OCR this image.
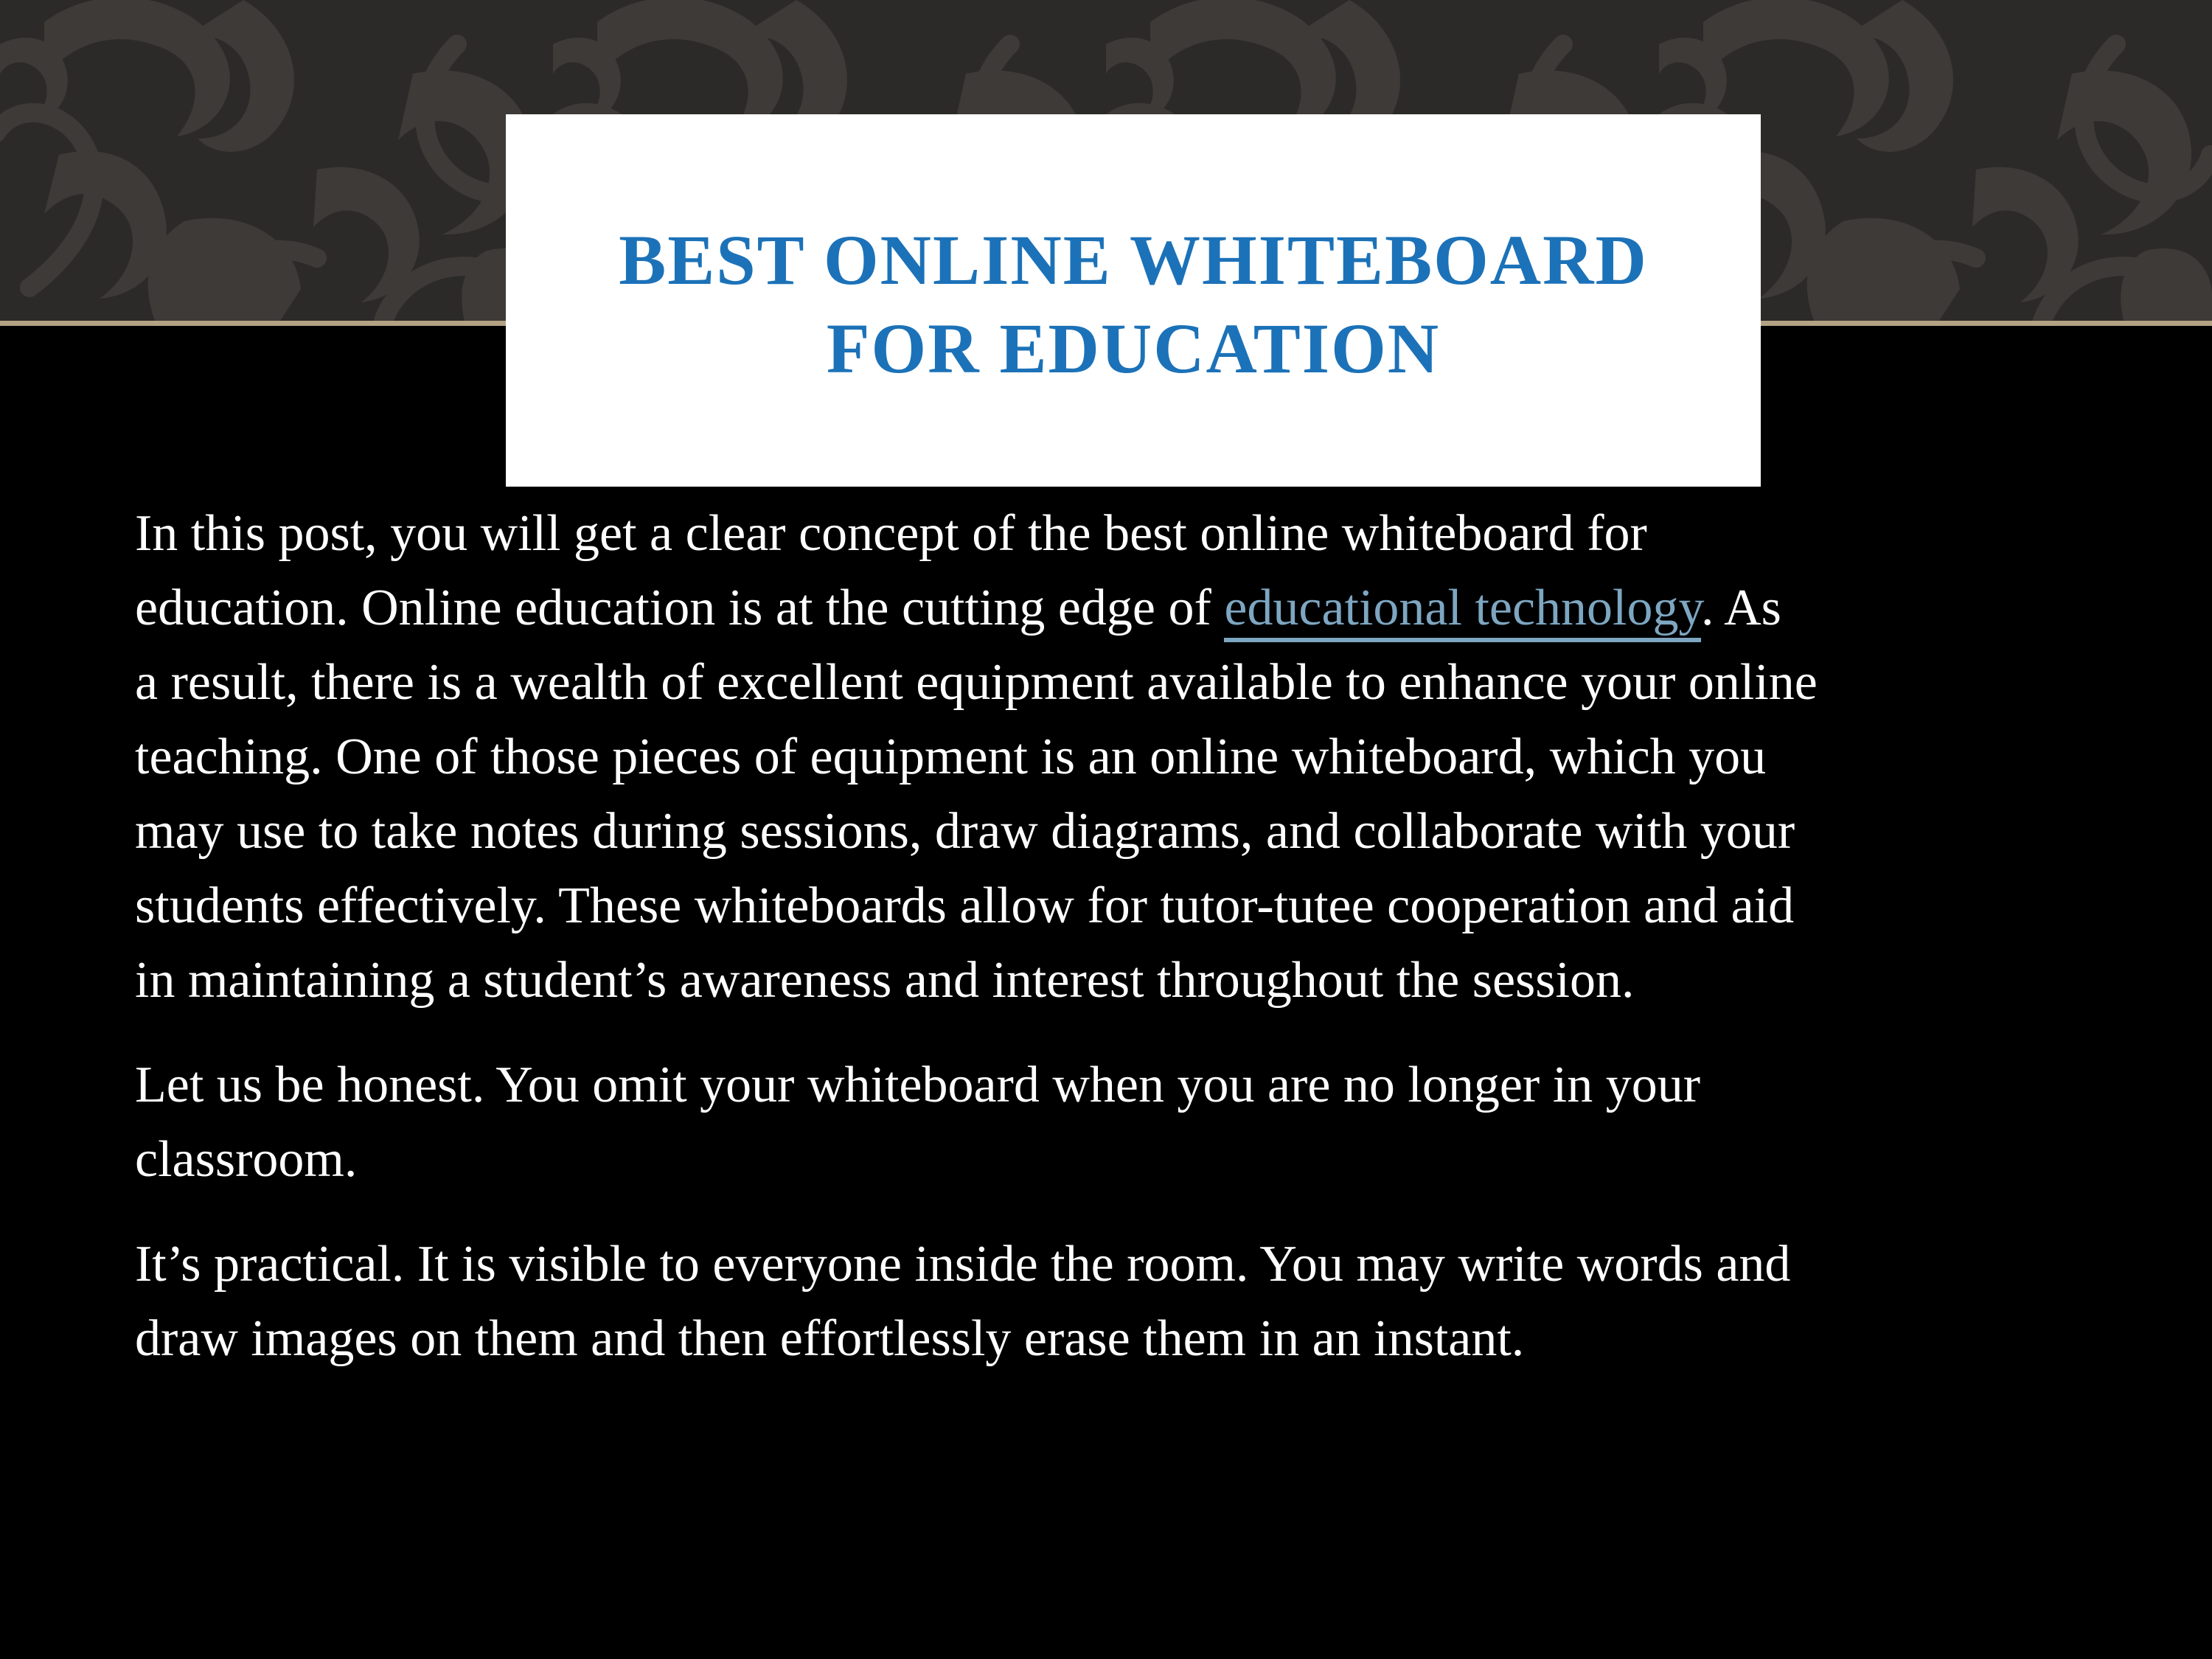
BEST ONLINE WHITEBOARD
FOR EDUCATION
In this post, you will get a clear concept of the best online whiteboard for
education. Online education is at the cutting edge of educational technology. As
a result, there is a wealth of excellent equipment available to enhance your online
teaching. One of those pieces of equipment is an online whiteboard, which you
may use to take notes during sessions, draw diagrams, and collaborate with your
students effectively. These whiteboards allow for tutor-tutee cooperation and aid
in maintaining a student’s awareness and interest throughout the session.
Let us be honest. You omit your whiteboard when you are no longer in your
classroom.
It’s practical. It is visible to everyone inside the room. You may write words and
draw images on them and then effortlessly erase them in an instant.
